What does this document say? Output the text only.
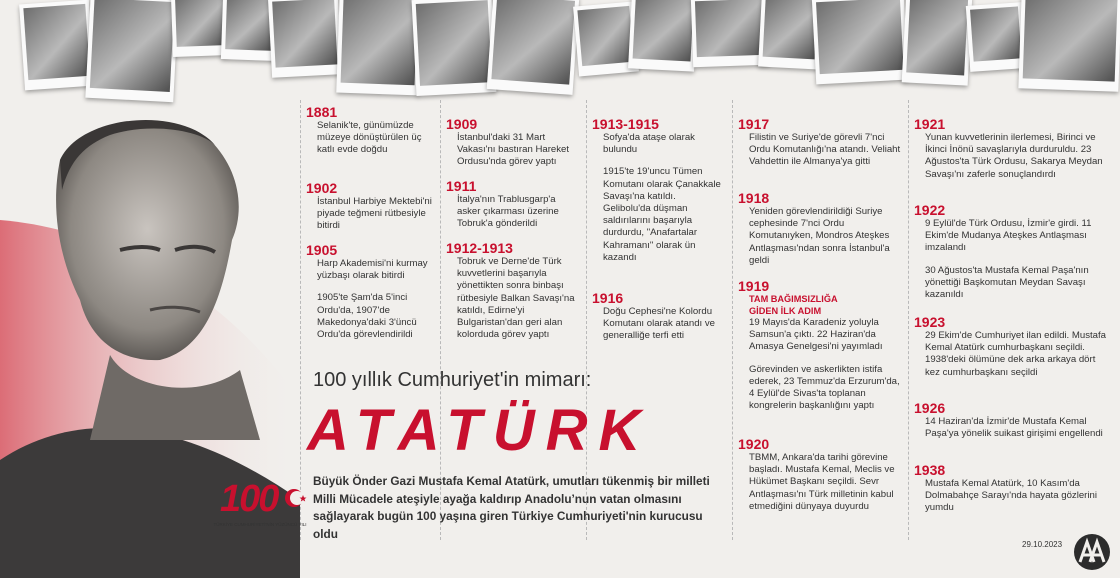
1881
Selanik'te, günümüzde müzeye dönüştürülen üç katlı evde doğdu
1902
İstanbul Harbiye Mektebi'ni piyade teğmeni rütbesiyle bitirdi
1905
Harp Akademisi'ni kurmay yüzbaşı olarak bitirdi
1905'te Şam'da 5'inci Ordu'da, 1907'de Makedonya'daki 3'üncü Ordu'da görevlendirildi
1909
İstanbul'daki 31 Mart Vakası'nı bastıran Hareket Ordusu'nda görev yaptı
1911
İtalya'nın Trablusgarp'a asker çıkarması üzerine Tobruk'a gönderildi
1912-1913
Tobruk ve Derne'de Türk kuvvetlerini başarıyla yönettikten sonra binbaşı rütbesiyle Balkan Savaşı'na katıldı, Edirne'yi Bulgaristan'dan geri alan kolorduda görev yaptı
1913-1915
Sofya'da ataşe olarak bulundu
1915'te 19'uncu Tümen Komutanı olarak Çanakkale Savaşı'na katıldı. Gelibolu'da düşman saldırılarını başarıyla durdurdu, "Anafartalar Kahramanı" olarak ün kazandı
1916
Doğu Cephesi'ne Kolordu Komutanı olarak atandı ve generalliğe terfi etti
1917
Filistin ve Suriye'de görevli 7'nci Ordu Komutanlığı'na atandı. Veliaht Vahdettin ile Almanya'ya gitti
1918
Yeniden görevlendirildiği Suriye cephesinde 7'nci Ordu Komutanıyken, Mondros Ateşkes Antlaşması'ndan sonra İstanbul'a geldi
1919
TAM BAĞIMSIZLIĞA GİDEN İLK ADIM
19 Mayıs'da Karadeniz yoluyla Samsun'a çıktı. 22 Haziran'da Amasya Genelgesi'ni yayımladı
Görevinden ve askerlikten istifa ederek, 23 Temmuz'da Erzurum'da, 4 Eylül'de Sivas'ta toplanan kongrelerin başkanlığını yaptı
1920
TBMM, Ankara'da tarihi görevine başladı. Mustafa Kemal, Meclis ve Hükümet Başkanı seçildi. Sevr Antlaşması'nı Türk milletinin kabul etmediğini dünyaya duyurdu
1921
Yunan kuvvetlerinin ilerlemesi, Birinci ve İkinci İnönü savaşlarıyla durduruldu. 23 Ağustos'ta Türk Ordusu, Sakarya Meydan Savaşı'nı zaferle sonuçlandırdı
1922
9 Eylül'de Türk Ordusu, İzmir'e girdi. 11 Ekim'de Mudanya Ateşkes Antlaşması imzalandı
30 Ağustos'ta Mustafa Kemal Paşa'nın yönettiği Başkomutan Meydan Savaşı kazanıldı
1923
29 Ekim'de Cumhuriyet ilan edildi. Mustafa Kemal Atatürk cumhurbaşkanı seçildi. 1938'deki ölümüne dek arka arkaya dört kez cumhurbaşkanı seçildi
1926
14 Haziran'da İzmir'de Mustafa Kemal Paşa'ya yönelik suikast girişimi engellendi
1938
Mustafa Kemal Atatürk, 10 Kasım'da Dolmabahçe Sarayı'nda hayata gözlerini yumdu
100 yıllık Cumhuriyet'in mimarı:
ATATÜRK
Büyük Önder Gazi Mustafa Kemal Atatürk, umutları tükenmiş bir milleti Milli Mücadele ateşiyle ayağa kaldırıp Anadolu’nun vatan olmasını sağlayarak bugün 100 yaşına giren Türkiye Cumhuriyeti'nin kurucusu oldu
100
TÜRKİYE CUMHURİYETİ'NİN YÜZÜNCÜ YILI
29.10.2023
